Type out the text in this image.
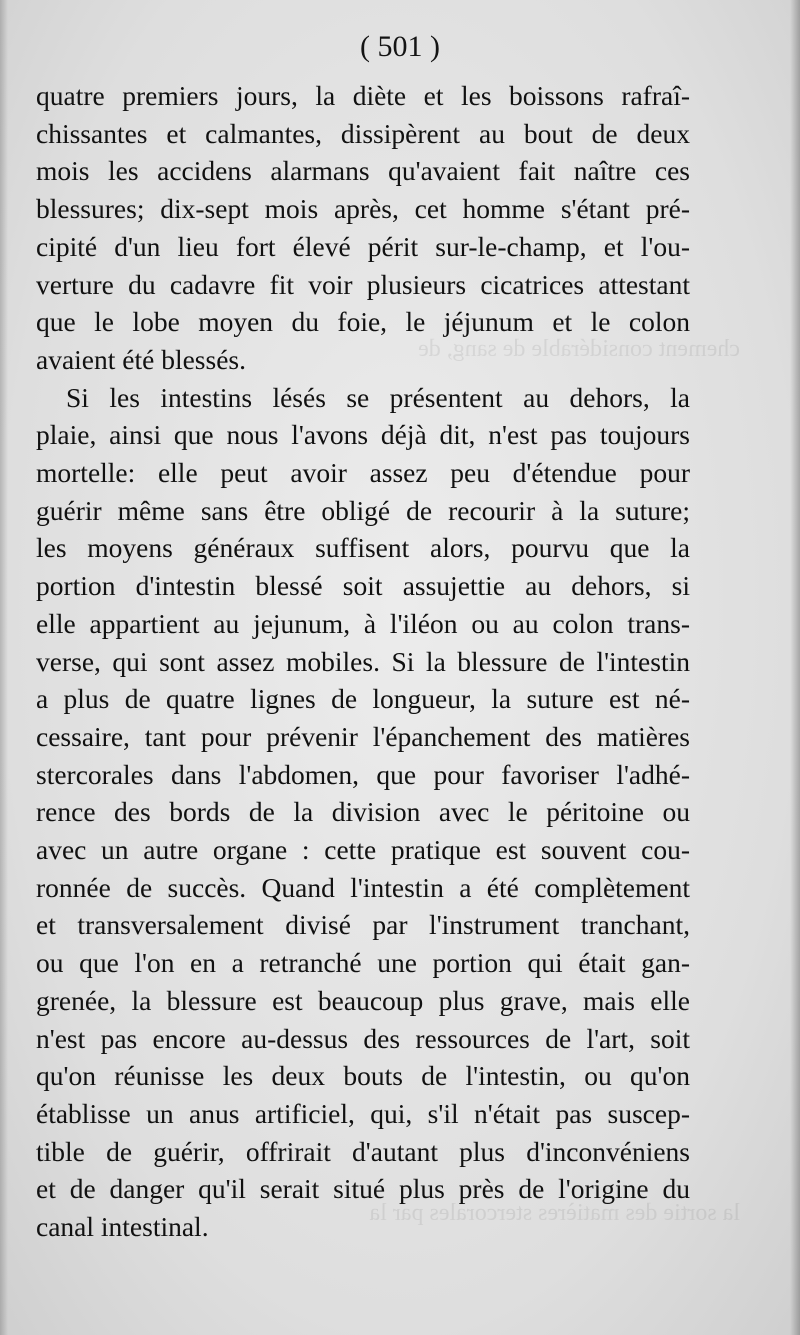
chement considérable de sang, de
la sortie des matières stercorales par la
( 501 )
quatre premiers jours, la diète et les boissons rafraî-
chissantes et calmantes, dissipèrent au bout de deux
mois les accidens alarmans qu'avaient fait naître ces
blessures; dix-sept mois après, cet homme s'étant pré-
cipité d'un lieu fort élevé périt sur-le-champ, et l'ou-
verture du cadavre fit voir plusieurs cicatrices attestant
que le lobe moyen du foie, le jéjunum et le colon
avaient été blessés.
Si les intestins lésés se présentent au dehors, la
plaie, ainsi que nous l'avons déjà dit, n'est pas toujours
mortelle: elle peut avoir assez peu d'étendue pour
guérir même sans être obligé de recourir à la suture;
les moyens généraux suffisent alors, pourvu que la
portion d'intestin blessé soit assujettie au dehors, si
elle appartient au jejunum, à l'iléon ou au colon trans-
verse, qui sont assez mobiles. Si la blessure de l'intestin
a plus de quatre lignes de longueur, la suture est né-
cessaire, tant pour prévenir l'épanchement des matières
stercorales dans l'abdomen, que pour favoriser l'adhé-
rence des bords de la division avec le péritoine ou
avec un autre organe : cette pratique est souvent cou-
ronnée de succès. Quand l'intestin a été complètement
et transversalement divisé par l'instrument tranchant,
ou que l'on en a retranché une portion qui était gan-
grenée, la blessure est beaucoup plus grave, mais elle
n'est pas encore au-dessus des ressources de l'art, soit
qu'on réunisse les deux bouts de l'intestin, ou qu'on
établisse un anus artificiel, qui, s'il n'était pas suscep-
tible de guérir, offrirait d'autant plus d'inconvéniens
et de danger qu'il serait situé plus près de l'origine du
canal intestinal.
